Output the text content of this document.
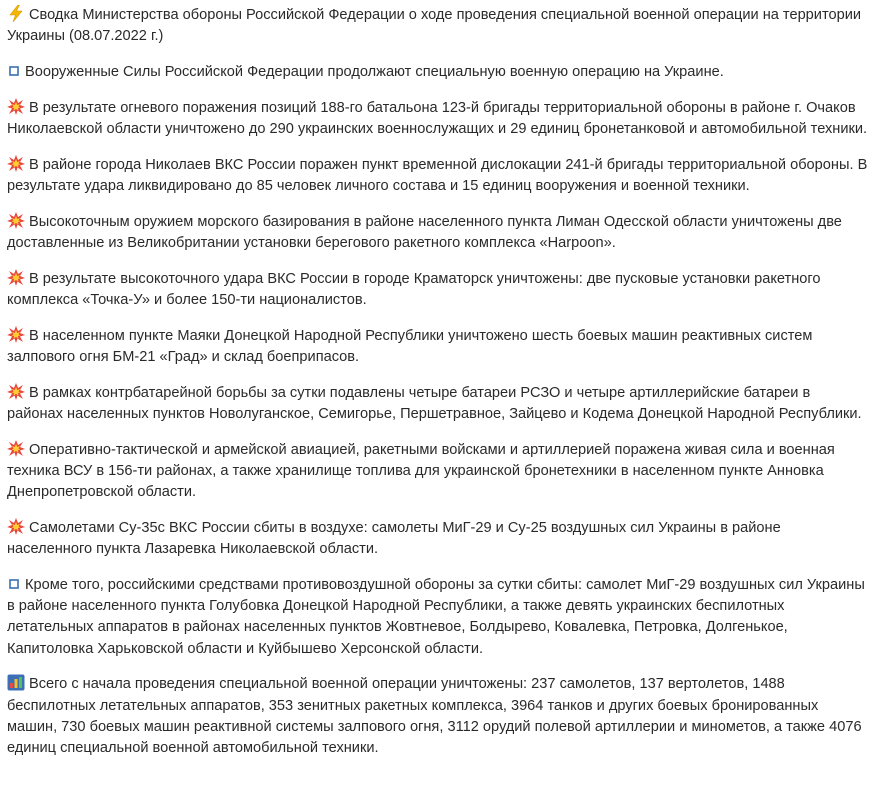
Сводка Министерства обороны Российской Федерации о ходе проведения специальной военной операции на территории Украины (08.07.2022 г.)

Вооруженные Силы Российской Федерации продолжают специальную военную операцию на Украине.

В результате огневого поражения позиций 188-го батальона 123-й бригады территориальной обороны в районе г. Очаков Николаевской области уничтожено до 290 украинских военнослужащих и 29 единиц бронетанковой и автомобильной техники.

В районе города Николаев ВКС России поражен пункт временной дислокации 241-й бригады территориальной обороны. В результате удара ликвидировано до 85 человек личного состава и 15 единиц вооружения и военной техники.

Высокоточным оружием морского базирования в районе населенного пункта Лиман Одесской области уничтожены две доставленные из Великобритании установки берегового ракетного комплекса «Harpoon».

В результате высокоточного удара ВКС России в городе Краматорск уничтожены: две пусковые установки ракетного комплекса «Точка-У» и более 150-ти националистов.

В населенном пункте Маяки Донецкой Народной Республики уничтожено шесть боевых машин реактивных систем залпового огня БМ-21 «Град» и склад боеприпасов.

В рамках контрбатарейной борьбы за сутки подавлены четыре батареи РСЗО и четыре артиллерийские батареи в районах населенных пунктов Новолуганское, Семигорье, Першетравное, Зайцево и Кодема Донецкой Народной Республики.

Оперативно-тактической и армейской авиацией, ракетными войсками и артиллерией поражена живая сила и военная техника ВСУ в 156-ти районах, а также хранилище топлива для украинской бронетехники в населенном пункте Анновка Днепропетровской области.

Самолетами Су-35с ВКС России сбиты в воздухе: самолеты МиГ-29 и Су-25 воздушных сил Украины в районе населенного пункта Лазаревка Николаевской области.

Кроме того, российскими средствами противовоздушной обороны за сутки сбиты: самолет МиГ-29 воздушных сил Украины в районе населенного пункта Голубовка Донецкой Народной Республики, а также девять украинских беспилотных летательных аппаратов в районах населенных пунктов Жовтневое, Болдырево, Ковалевка, Петровка, Долгенькое, Капитоловка Харьковской области и Куйбышево Херсонской области.

Всего с начала проведения специальной военной операции уничтожены: 237 самолетов, 137 вертолетов, 1488 беспилотных летательных аппаратов, 353 зенитных ракетных комплекса, 3964 танков и других боевых бронированных машин, 730 боевых машин реактивной системы залпового огня, 3112 орудий полевой артиллерии и минометов, а также 4076 единиц специальной военной автомобильной техники.
